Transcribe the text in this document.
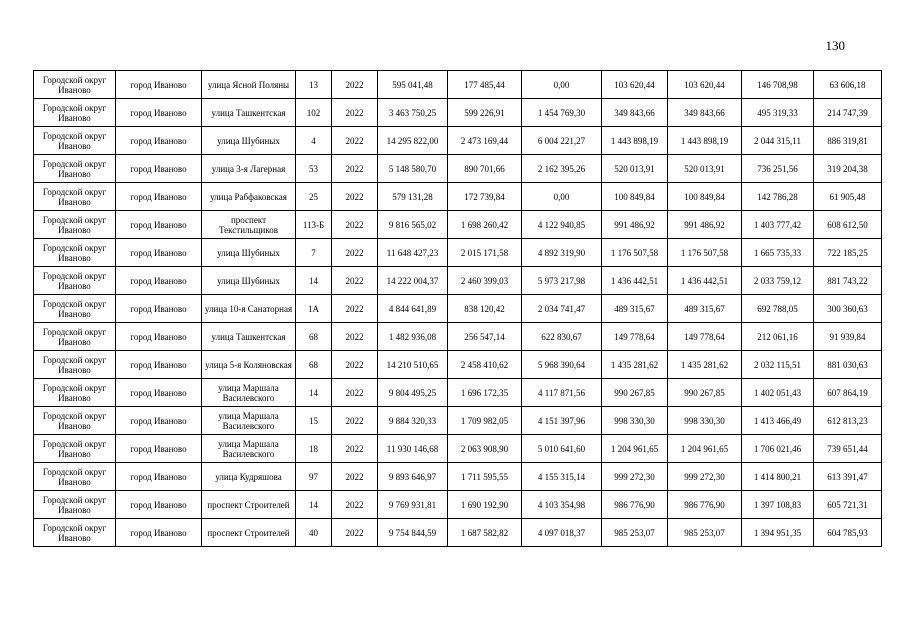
130
Городской округ Иваново	город Иваново	улица Ясной Поляны	13	2022	595 041,48	177 485,44	0,00	103 620,44	103 620,44	146 708,98	63 606,18
Городской округ Иваново	город Иваново	улица Ташкентская	102	2022	3 463 750,25	599 226,91	1 454 769,30	349 843,66	349 843,66	495 319,33	214 747,39
Городской округ Иваново	город Иваново	улица Шубиных	4	2022	14 295 822,00	2 473 169,44	6 004 221,27	1 443 898,19	1 443 898,19	2 044 315,11	886 319,81
Городской округ Иваново	город Иваново	улица 3-я Лагерная	53	2022	5 148 580,70	890 701,66	2 162 395,26	520 013,91	520 013,91	736 251,56	319 204,38
Городской округ Иваново	город Иваново	улица Рабфаковская	25	2022	579 131,28	172 739,84	0,00	100 849,84	100 849,84	142 786,28	61 905,48
Городской округ Иваново	город Иваново	проспект Текстильщиков	113-Б	2022	9 816 565,02	1 698 260,42	4 122 940,85	991 486,92	991 486,92	1 403 777,42	608 612,50
Городской округ Иваново	город Иваново	улица Шубиных	7	2022	11 648 427,23	2 015 171,58	4 892 319,90	1 176 507,58	1 176 507,58	1 665 735,33	722 185,25
Городской округ Иваново	город Иваново	улица Шубиных	14	2022	14 222 004,37	2 460 399,03	5 973 217,98	1 436 442,51	1 436 442,51	2 033 759,12	881 743,22
Городской округ Иваново	город Иваново	улица 10-я Санаторная	1А	2022	4 844 641,89	838 120,42	2 034 741,47	489 315,67	489 315,67	692 788,05	300 360,63
Городской округ Иваново	город Иваново	улица Ташкентская	68	2022	1 482 936,08	256 547,14	622 830,67	149 778,64	149 778,64	212 061,16	91 939,84
Городской округ Иваново	город Иваново	улица 5-я Коляновская	68	2022	14 210 510,65	2 458 410,62	5 968 390,64	1 435 281,62	1 435 281,62	2 032 115,51	881 030,63
Городской округ Иваново	город Иваново	улица Маршала Василевского	14	2022	9 804 495,25	1 696 172,35	4 117 871,56	990 267,85	990 267,85	1 402 051,43	607 864,19
Городской округ Иваново	город Иваново	улица Маршала Василевского	15	2022	9 884 320,33	1 709 982,05	4 151 397,96	998 330,30	998 330,30	1 413 466,49	612 813,23
Городской округ Иваново	город Иваново	улица Маршала Василевского	18	2022	11 930 146,68	2 063 908,90	5 010 641,60	1 204 961,65	1 204 961,65	1 706 021,46	739 651,44
Городской округ Иваново	город Иваново	улица Кудряшова	97	2022	9 893 646,97	1 711 595,55	4 155 315,14	999 272,30	999 272,30	1 414 800,21	613 391,47
Городской округ Иваново	город Иваново	проспект Строителей	14	2022	9 769 931,81	1 690 192,90	4 103 354,98	986 776,90	986 776,90	1 397 108,83	605 721,31
Городской округ Иваново	город Иваново	проспект Строителей	40	2022	9 754 844,59	1 687 582,82	4 097 018,37	985 253,07	985 253,07	1 394 951,35	604 785,93
